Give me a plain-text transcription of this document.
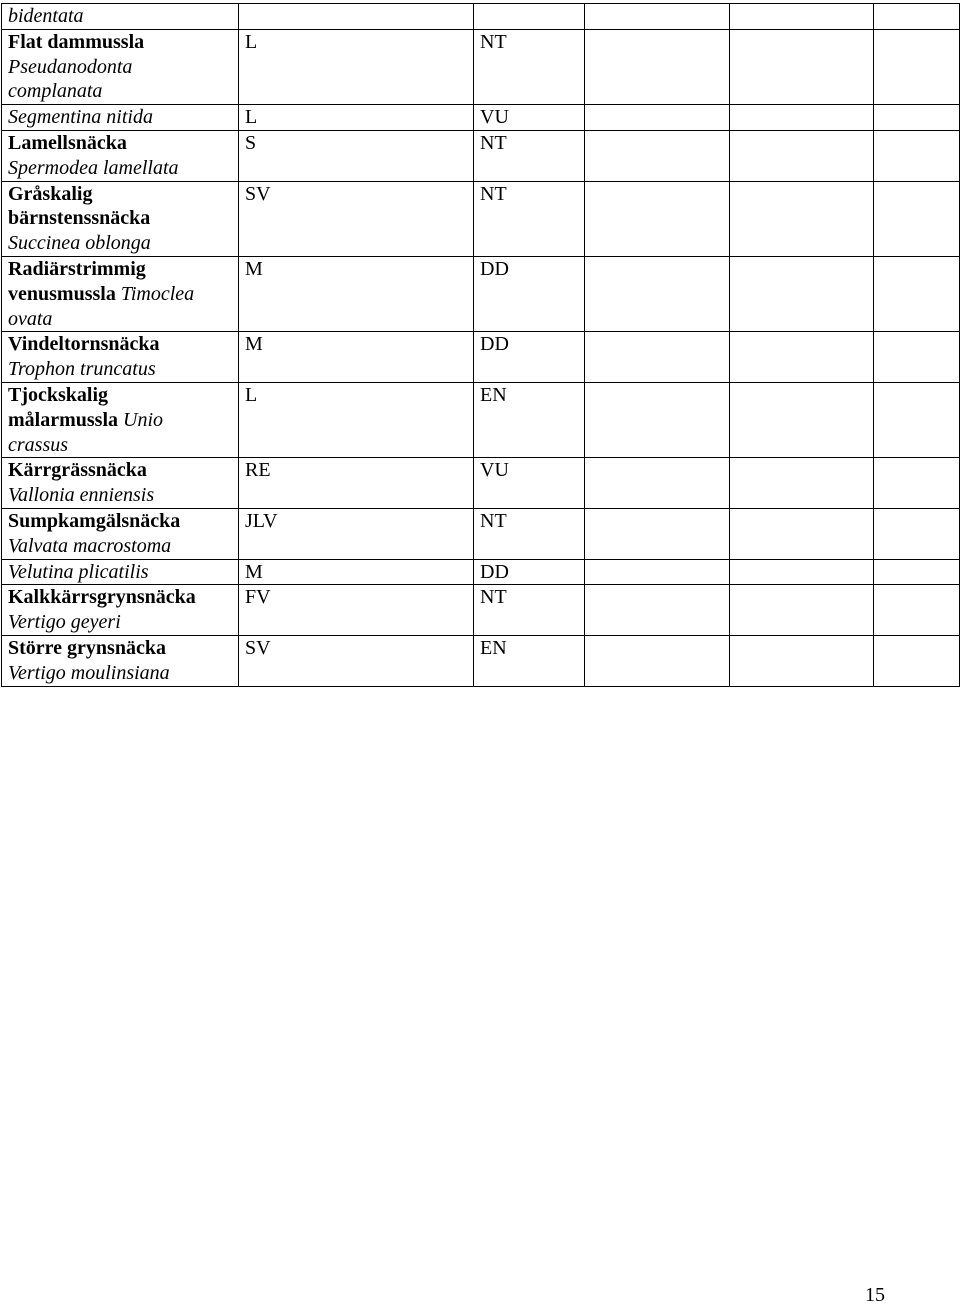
bidentata					
Flat dammussla
Pseudanodonta
complanata	L	NT			
Segmentina nitida	L	VU			
Lamellsnäcka
Spermodea lamellata	S	NT			
Gråskalig
bärnstenssnäcka
Succinea oblonga	SV	NT			
Radiärstrimmig
venusmussla Timoclea
ovata	M	DD			
Vindeltornsnäcka
Trophon truncatus	M	DD			
Tjockskalig
målarmussla Unio
crassus	L	EN			
Kärrgrässnäcka
Vallonia enniensis	RE	VU			
Sumpkamgälsnäcka
Valvata macrostoma	JLV	NT			
Velutina plicatilis	M	DD			
Kalkkärrsgrynsnäcka
Vertigo geyeri	FV	NT			
Större grynsnäcka
Vertigo moulinsiana	SV	EN			
15
